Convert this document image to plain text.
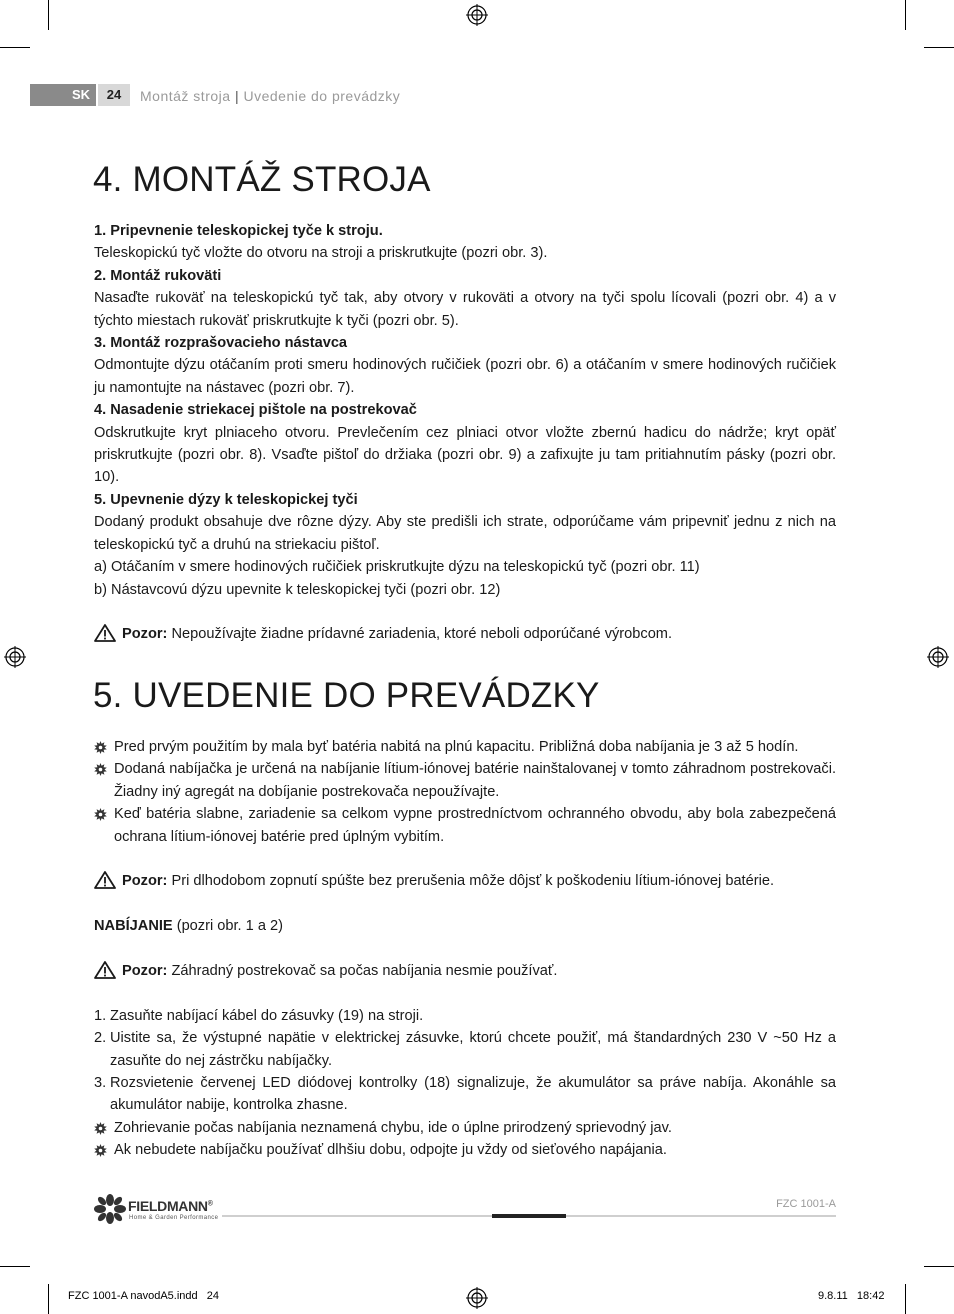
SK	24	Montáž stroja | Uvedenie do prevádzky
4. MONTÁŽ STROJA

1. Pripevnenie teleskopickej tyče k stroju.

Teleskopickú tyč vložte do otvoru na stroji a priskrutkujte (pozri obr. 3).

2. Montáž rukoväti

Nasaďte rukoväť na teleskopickú tyč tak, aby otvory v rukoväti a otvory na tyči spolu lícovali (pozri obr. 4) a v týchto miestach rukoväť priskrutkujte k tyči (pozri obr. 5).

3. Montáž rozprašovacieho nástavca

Odmontujte dýzu otáčaním proti smeru hodinových ručičiek (pozri obr. 6) a otáčaním v smere hodinových ručičiek ju namontujte na nástavec (pozri obr. 7).

4. Nasadenie striekacej pištole na postrekovač

Odskrutkujte kryt plniaceho otvoru. Prevlečením cez plniaci otvor vložte zbernú hadicu do nádrže; kryt opäť priskrutkujte (pozri obr. 8). Vsaďte pištoľ do držiaka (pozri obr. 9) a zafixujte ju tam pritiahnutím pásky (pozri obr. 10).

5. Upevnenie dýzy k teleskopickej tyči

Dodaný produkt obsahuje dve rôzne dýzy. Aby ste predišli ich strate, odporúčame vám pripevniť jednu z nich na teleskopickú tyč a druhú na striekaciu pištoľ.

a) Otáčaním v smere hodinových ručičiek priskrutkujte dýzu na teleskopickú tyč (pozri obr. 11)

b) Nástavcovú dýzu upevnite k teleskopickej tyči (pozri obr. 12)

Pozor: Nepoužívajte žiadne prídavné zariadenia, ktoré neboli odporúčané výrobcom.

5. UVEDENIE DO PREVÁDZKY

Pred prvým použitím by mala byť batéria nabitá na plnú kapacitu. Približná doba nabíjania je 3 až 5 hodín.

Dodaná nabíjačka je určená na nabíjanie lítium-iónovej batérie nainštalovanej v tomto záhradnom postrekovači. Žiadny iný agregát na dobíjanie postrekovača nepoužívajte.

Keď batéria slabne, zariadenie sa celkom vypne prostredníctvom ochranného obvodu, aby bola zabezpečená ochrana lítium-iónovej batérie pred úplným vybitím.

Pozor: Pri dlhodobom zopnutí spúšte bez prerušenia môže dôjsť k poškodeniu lítium-iónovej batérie.

NABÍJANIE (pozri obr. 1 a 2)

Pozor: Záhradný postrekovač sa počas nabíjania nesmie používať.

1. Zasuňte nabíjací kábel do zásuvky (19) na stroji.

2. Uistite sa, že výstupné napätie v elektrickej zásuvke, ktorú chcete použiť, má štandardných 230 V ~50 Hz a zasuňte do nej zástrčku nabíjačky.

3. Rozsvietenie červenej LED diódovej kontrolky (18) signalizuje, že akumulátor sa práve nabíja. Akonáhle sa akumulátor nabije, kontrolka zhasne.

Zohrievanie počas nabíjania neznamená chybu, ide o úplne prirodzený sprievodný jav.

Ak nebudete nabíjačku používať dlhšiu dobu, odpojte ju vždy od sieťového napájania.

FIELDMANN®
Home & Garden Performance
FZC 1001-A
FZC 1001-A navodA5.indd   24	9.8.11   18:42
